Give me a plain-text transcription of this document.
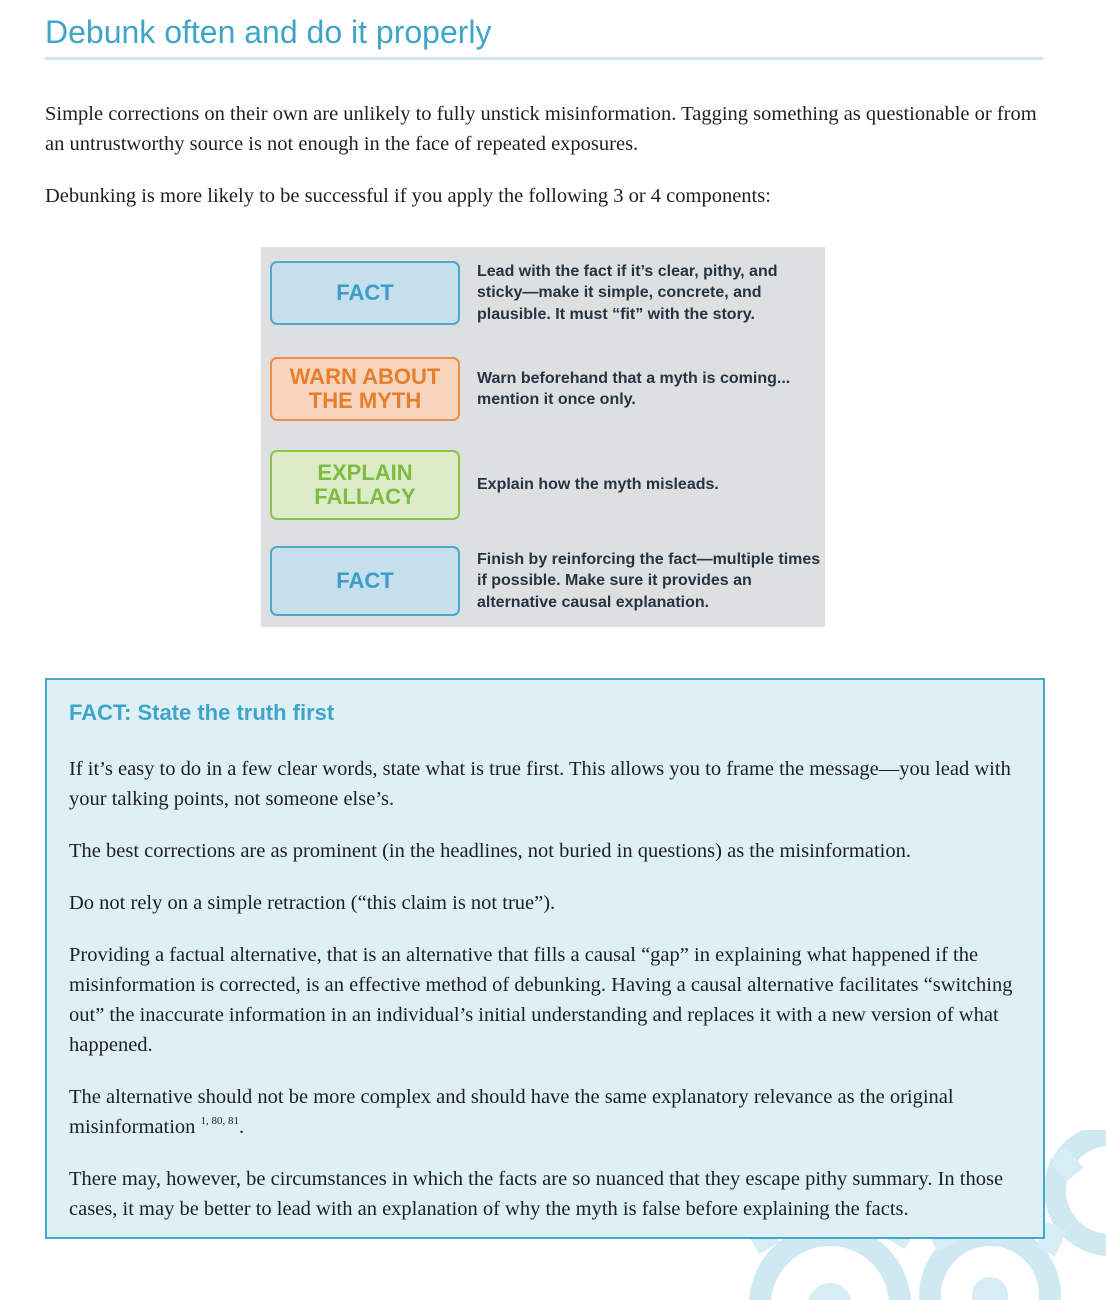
Debunk often and do it properly

Simple corrections on their own are unlikely to fully unstick misinformation. Tagging something as questionable or from an untrustworthy source is not enough in the face of repeated exposures.

Debunking is more likely to be successful if you apply the following 3 or 4 components:

FACT
Lead with the fact if it’s clear, pithy, and sticky—make it simple, concrete, and plausible. It must “fit” with the story.
WARN ABOUT
THE MYTH
Warn beforehand that a myth is coming... mention it once only.
EXPLAIN
FALLACY	Explain how the myth misleads.
FACT
Finish by reinforcing the fact—multiple times if possible. Make sure it provides an alternative causal explanation.
FACT: State the truth first

If it’s easy to do in a few clear words, state what is true first. This allows you to frame the message—you lead with your talking points, not someone else’s.

The best corrections are as prominent (in the headlines, not buried in questions) as the misinformation.

Do not rely on a simple retraction (“this claim is not true”).

Providing a factual alternative, that is an alternative that fills a causal “gap” in explaining what happened if the misinformation is corrected, is an effective method of debunking. Having a causal alternative facilitates “switching out” the inaccurate information in an individual’s initial understanding and replaces it with a new version of what happened.

The alternative should not be more complex and should have the same explanatory relevance as the original misinformation $^{1, 80, 81}$.

There may, however, be circumstances in which the facts are so nuanced that they escape pithy summary. In those cases, it may be better to lead with an explanation of why the myth is false before explaining the facts.
